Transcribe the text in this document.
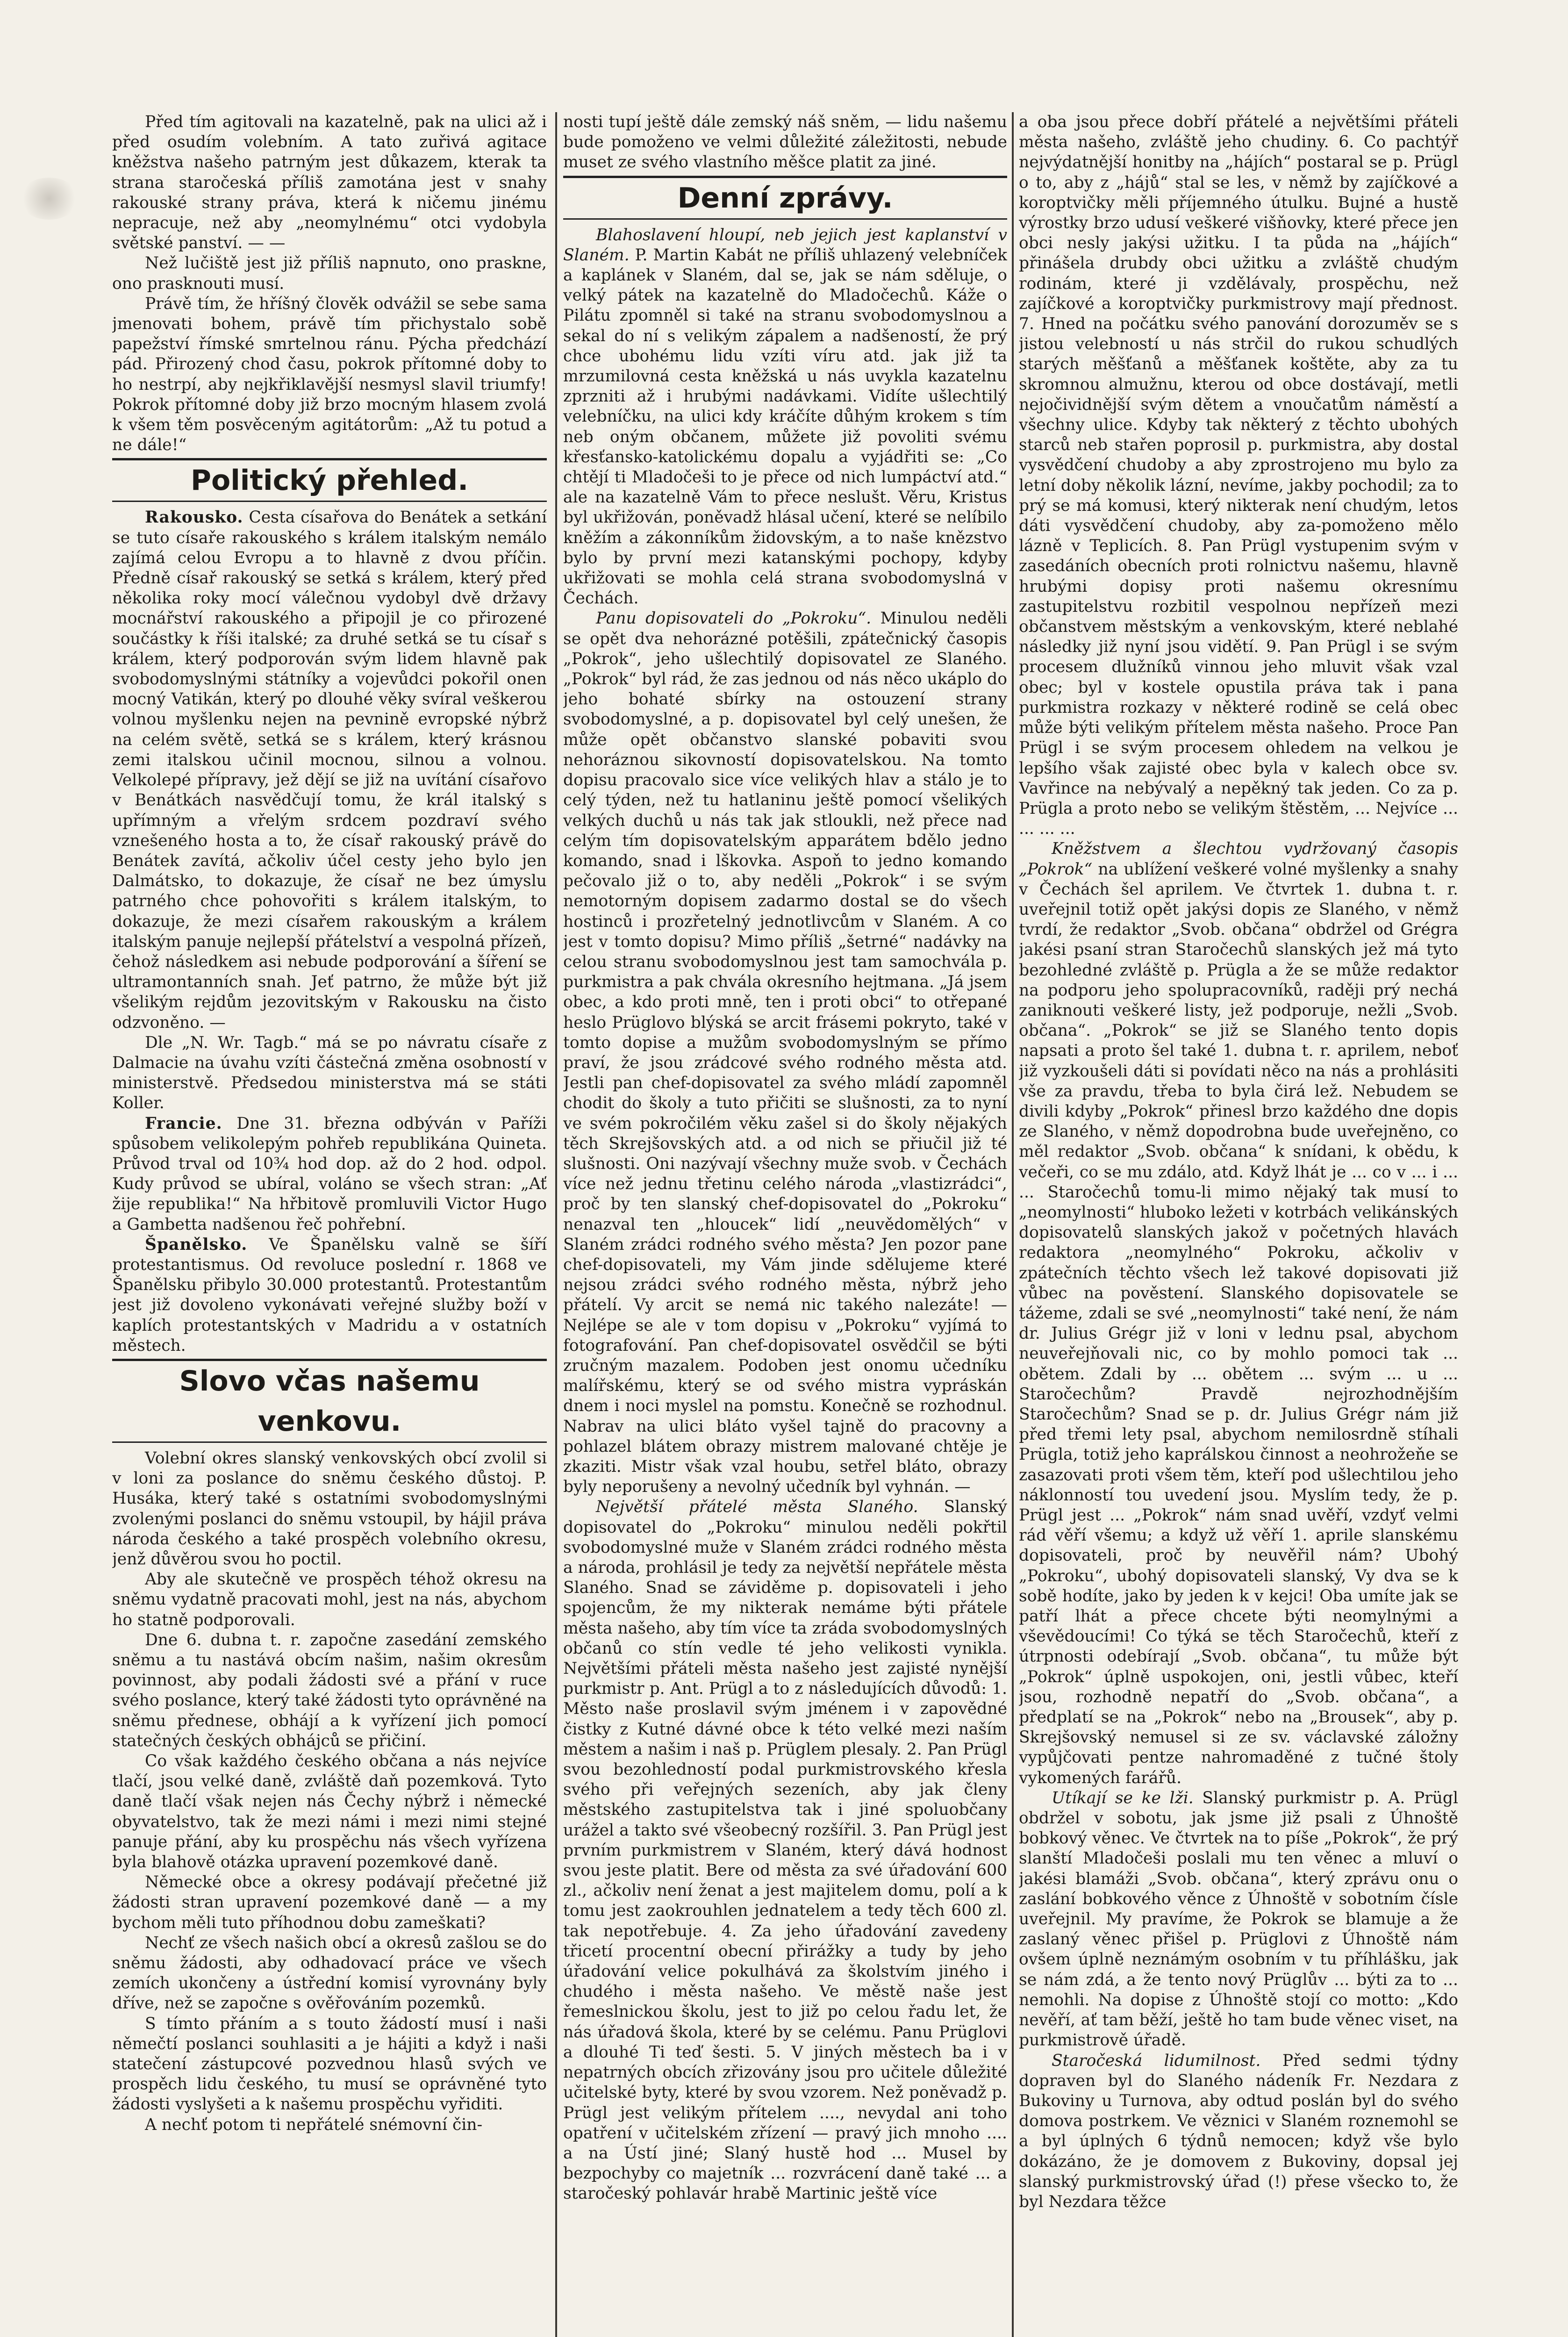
Před tím agitovali na kazatelně, pak na ulici až i před osudím volebním. A tato zuřivá agitace kněžstva našeho patrným jest důkazem, kterak ta strana staročeská příliš zamotána jest v snahy rakouské strany práva, která k ničemu jinému nepracuje, než aby „neomylnému“ otci vydobyla světské panství. — —

Než lučiště jest již příliš napnuto, ono praskne, ono prasknouti musí.

Právě tím, že hříšný člověk odvážil se sebe sama jmenovati bohem, právě tím přichystalo sobě papežství římské smrtelnou ránu. Pýcha předchází pád. Přirozený chod času, pokrok přítomné doby to ho nestrpí, aby nejkřiklavější nesmysl slavil triumfy! Pokrok přítomné doby již brzo mocným hlasem zvolá k všem těm posvěceným agitátorům: „Až tu potud a ne dále!“

Politický přehled.

Rakousko. Cesta císařova do Benátek a setkání se tuto císaře rakouského s králem italským nemálo zajímá celou Evropu a to hlavně z dvou příčin. Předně císař rakouský se setká s králem, který před několika roky mocí válečnou vydobyl dvě državy mocnářství rakouského a připojil je co přirozené součástky k říši italské; za druhé setká se tu císař s králem, který podporován svým lidem hlavně pak svobodomyslnými státníky a vojevůdci pokořil onen mocný Vatikán, který po dlouhé věky svíral veškerou volnou myšlenku nejen na pevnině evropské nýbrž na celém světě, setká se s králem, který krásnou zemi italskou učinil mocnou, silnou a volnou. Velkolepé přípravy, jež dějí se již na uvítání císařovo v Benátkách nasvědčují tomu, že král italský s upřímným a vřelým srdcem pozdraví svého vznešeného hosta a to, že císař rakouský právě do Benátek zavítá, ačkoliv účel cesty jeho bylo jen Dalmátsko, to dokazuje, že císař ne bez úmyslu patrného chce pohovořiti s králem italským, to dokazuje, že mezi císařem rakouským a králem italským panuje nejlepší přátelství a vespolná přízeň, čehož následkem asi nebude podporování a šíření se ultramontanních snah. Jeť patrno, že může být již všelikým rejdům jezovitským v Rakousku na čisto odzvoněno. —

Dle „N. Wr. Tagb.“ má se po návratu císaře z Dalmacie na úvahu vzíti částečná změna osobností v ministerstvě. Předsedou ministerstva má se státi Koller.

Francie. Dne 31. března odbýván v Paříži spůsobem velikolepým pohřeb republikána Quineta. Průvod trval od 10¾ hod dop. až do 2 hod. odpol. Kudy průvod se ubíral, voláno se všech stran: „Ať žije republika!“ Na hřbitově promluvili Victor Hugo a Gambetta nadšenou řeč pohřební.

Španělsko. Ve Španělsku valně se šíří protestantismus. Od revoluce poslední r. 1868 ve Španělsku přibylo 30.000 protestantů. Protestantům jest již dovoleno vykonávati veřejné služby boží v kaplích protestantských v Madridu a v ostatních městech.

Slovo včas našemu venkovu.

Volební okres slanský venkovských obcí zvolil si v loni za poslance do sněmu českého důstoj. P. Husáka, který také s ostatními svobodomyslnými zvolenými poslanci do sněmu vstoupil, by hájil práva národa českého a také prospěch volebního okresu, jenž důvěrou svou ho poctil.

Aby ale skutečně ve prospěch téhož okresu na sněmu vydatně pracovati mohl, jest na nás, abychom ho statně podporovali.

Dne 6. dubna t. r. započne zasedání zemského sněmu a tu nastává obcím našim, našim okresům povinnost, aby podali žádosti své a přání v ruce svého poslance, který také žádosti tyto oprávněné na sněmu přednese, obhájí a k vyřízení jich pomocí statečných českých obhájců se přičiní.

Co však každého českého občana a nás nejvíce tlačí, jsou velké daně, zvláště daň pozemková. Tyto daně tlačí však nejen nás Čechy nýbrž i německé obyvatelstvo, tak že mezi námi i mezi nimi stejné panuje přání, aby ku prospěchu nás všech vyřízena byla blahově otázka upravení pozemkové daně.

Německé obce a okresy podávají přečetné již žádosti stran upravení pozemkové daně — a my bychom měli tuto příhodnou dobu zameškati?

Nechť ze všech našich obcí a okresů zašlou se do sněmu žádosti, aby odhadovací práce ve všech zemích ukončeny a ústřední komisí vyrovnány byly dříve, než se započne s ověřováním pozemků.

S tímto přáním a s touto žádostí musí i naši němečtí poslanci souhlasiti a je hájiti a když i naši statečení zástupcové pozvednou hlasů svých ve prospěch lidu českého, tu musí se oprávněné tyto žádosti vyslyšeti a k našemu prospěchu vyřiditi.

A nechť potom ti nepřátelé snémovní čin-

nosti tupí ještě dále zemský náš sněm, — lidu našemu bude pomoženo ve velmi důležité záležitosti, nebude muset ze svého vlastního měšce platit za jiné.

Denní zprávy.

Blahoslavení hloupí, neb jejich jest kaplanství v Slaném. P. Martin Kabát ne příliš uhlazený velebníček a kaplánek v Slaném, dal se, jak se nám sděluje, o velký pátek na kazatelně do Mladočechů. Káže o Pilátu zpomněl si také na stranu svobodomyslnou a sekal do ní s velikým zápalem a nadšeností, že prý chce ubohému lidu vzíti víru atd. jak již ta mrzumilovná cesta kněžská u nás uvykla kazatelnu zprzniti až i hrubými nadávkami. Vidíte ušlechtilý velebníčku, na ulici kdy kráčíte důhým krokem s tím neb oným občanem, můžete již povoliti svému křesťansko-katolickému dopalu a vyjádřiti se: „Co chtějí ti Mladočeši to je přece od nich lumpáctví atd.“ ale na kazatelně Vám to přece neslušt. Věru, Kristus byl ukřižován, poněvadž hlásal učení, které se nelíbilo kněžím a zákonníkům židovským, a to naše knězstvo bylo by první mezi katanskými pochopy, kdyby ukřižovati se mohla celá strana svobodomyslná v Čechách.

Panu dopisovateli do „Pokroku“. Minulou neděli se opět dva nehorázné potěšili, zpátečnický časopis „Pokrok“, jeho ušlechtilý dopisovatel ze Slaného. „Pokrok“ byl rád, že zas jednou od nás něco ukáplo do jeho bohaté sbírky na ostouzení strany svobodomyslné, a p. dopisovatel byl celý unešen, že může opět občanstvo slanské pobaviti svou nehoráznou sikovností dopisovatelskou. Na tomto dopisu pracovalo sice více velikých hlav a stálo je to celý týden, než tu hatlaninu ještě pomocí všelikých velkých duchů u nás tak jak stloukli, než přece nad celým tím dopisovatelským apparátem bdělo jedno komando, snad i lškovka. Aspoň to jedno komando pečovalo již o to, aby neděli „Pokrok“ i se svým nemotorným dopisem zadarmo dostal se do všech hostinců i prozřetelný jednotlivcům v Slaném. A co jest v tomto dopisu? Mimo příliš „šetrné“ nadávky na celou stranu svobodomyslnou jest tam samochvála p. purkmistra a pak chvála okresního hejtmana. „Já jsem obec, a kdo proti mně, ten i proti obci“ to otřepané heslo Prüglovo blýská se arcit frásemi pokryto, také v tomto dopise a mužům svobodomyslným se přímo praví, že jsou zrádcové svého rodného města atd. Jestli pan chef-dopisovatel za svého mládí zapomněl chodit do školy a tuto přičiti se slušnosti, za to nyní ve svém pokročilém věku zašel si do školy nějakých těch Skrejšovských atd. a od nich se přiučil již té slušnosti. Oni nazývají všechny muže svob. v Čechách více než jednu třetinu celého národa „vlastizrádci“, proč by ten slanský chef-dopisovatel do „Pokroku“ nenazval ten „hloucek“ lidí „neuvědomělých“ v Slaném zrádci rodného svého města? Jen pozor pane chef-dopisovateli, my Vám jinde sdělujeme které nejsou zrádci svého rodného města, nýbrž jeho přátelí. Vy arcit se nemá nic takého nalezáte! — Nejlépe se ale v tom dopisu v „Pokroku“ vyjímá to fotografování. Pan chef-dopisovatel osvědčil se býti zručným mazalem. Podoben jest onomu učedníku malířskému, který se od svého mistra vypráskán dnem i noci myslel na pomstu. Konečně se rozhodnul. Nabrav na ulici bláto vyšel tajně do pracovny a pohlazel blátem obrazy mistrem malované chtěje je zkaziti. Mistr však vzal houbu, setřel bláto, obrazy byly neporušeny a nevolný učedník byl vyhnán. —

Největší přátelé města Slaného. Slanský dopisovatel do „Pokroku“ minulou neděli pokřtil svobodomyslné muže v Slaném zrádci rodného města a národa, prohlásil je tedy za největší nepřátele města Slaného. Snad se záviděme p. dopisovateli i jeho spojencům, že my nikterak nemáme býti přátele města našeho, aby tím více ta zráda svobodomyslných občanů co stín vedle té jeho velikosti vynikla. Největšími přáteli města našeho jest zajisté nynější purkmistr p. Ant. Prügl a to z následujících důvodů: 1. Město naše proslavil svým jménem i v zapovědné čistky z Kutné dávné obce k této velké mezi naším městem a našim i naš p. Prüglem plesaly. 2. Pan Prügl svou bezohledností podal purkmistrovského křesla svého při veřejných sezeních, aby jak členy městského zastupitelstva tak i jiné spoluobčany urážel a takto své všeobecný rozšířil. 3. Pan Prügl jest prvním purkmistrem v Slaném, který dává hodnost svou jeste platit. Bere od města za své úřadování 600 zl., ačkoliv není ženat a jest majitelem domu, polí a k tomu jest zaokrouhlen jednatelem a tedy těch 600 zl. tak nepotřebuje. 4. Za jeho úřadování zavedeny třicetí procentní obecní přirážky a tudy by jeho úřadování velice pokulhává za školstvím jiného i chudého i města našeho. Ve městě naše jest řemeslnickou školu, jest to již po celou řadu let, že nás úřadová škola, které by se celému. Panu Prüglovi a dlouhé Ti teď šesti. 5. V jiných městech ba i v nepatrných obcích zřizovány jsou pro učitele důležité učitelské byty, které by svou vzorem. Než poněvadž p. Prügl jest velikým přítelem ...., nevydal ani toho opatření v učitelském zřízení — pravý jich mnoho .... a na Ústí jiné; Slaný hustě hod ... Musel by bezpochyby co majetník ... rozvrácení daně také ... a staročeský pohlavár hrabě Martinic ještě více

a oba jsou přece dobří přátelé a největšími přáteli města našeho, zvláště jeho chudiny. 6. Co pachtýř nejvýdatnější honitby na „hájích“ postaral se p. Prügl o to, aby z „hájů“ stal se les, v němž by zajíčkové a koroptvičky měli příjemného útulku. Bujné a hustě výrostky brzo udusí veškeré višňovky, které přece jen obci nesly jakýsi užitku. I ta půda na „hájích“ přinášela drubdy obci užitku a zvláště chudým rodinám, které ji vzdělávaly, prospěchu, než zajíčkové a koroptvičky purkmistrovy mají přednost. 7. Hned na počátku svého panování dorozuměv se s jistou velebností u nás strčil do rukou schudlých starých měšťanů a měšťanek koštěte, aby za tu skromnou almužnu, kterou od obce dostávají, metli nejočividnější svým dětem a vnoučatům náměstí a všechny ulice. Kdyby tak některý z těchto ubohých starců neb stařen poprosil p. purkmistra, aby dostal vysvědčení chudoby a aby zprostrojeno mu bylo za letní doby několik lázní, nevíme, jakby pochodil; za to prý se má komusi, který nikterak není chudým, letos dáti vysvědčení chudoby, aby za-pomoženo mělo lázně v Teplicích. 8. Pan Prügl vystupenim svým v zasedáních obecních proti rolnictvu našemu, hlavně hrubými dopisy proti našemu okresnímu zastupitelstvu rozbitil vespolnou nepřízeň mezi občanstvem městským a venkovským, které neblahé následky již nyní jsou vidětí. 9. Pan Prügl i se svým procesem dlužníků vinnou jeho mluvit však vzal obec; byl v kostele opustila práva tak i pana purkmistra rozkazy v některé rodině se celá obec může býti velikým přítelem města našeho. Proce Pan Prügl i se svým procesem ohledem na velkou je lepšího však zajisté obec byla v kalech obce sv. Vavřince na nebývalý a nepěkný tak jeden. Co za p. Prügla a proto nebo se velikým štěstěm, ... Nejvíce ... ... ... ...

Kněžstvem a šlechtou vydržovaný časopis „Pokrok“ na ublížení veškeré volné myšlenky a snahy v Čechách šel aprilem. Ve čtvrtek 1. dubna t. r. uveřejnil totiž opět jakýsi dopis ze Slaného, v němž tvrdí, že redaktor „Svob. občana“ obdržel od Grégra jakési psaní stran Staročechů slanských jež má tyto bezohledné zvláště p. Prügla a že se může redaktor na podporu jeho spolupracovníků, raději prý nechá zaniknouti veškeré listy, jež podporuje, nežli „Svob. občana“. „Pokrok“ se již se Slaného tento dopis napsati a proto šel také 1. dubna t. r. aprilem, neboť již vyzkoušeli dáti si povídati něco na nás a prohlásiti vše za pravdu, třeba to byla čirá lež. Nebudem se divili kdyby „Pokrok“ přinesl brzo každého dne dopis ze Slaného, v němž dopodrobna bude uveřejněno, co měl redaktor „Svob. občana“ k snídani, k obědu, k večeři, co se mu zdálo, atd. Když lhát je ... co v ... i ... ... Staročechů tomu-li mimo nějaký tak musí to „neomylnosti“ hluboko ležeti v kotrbách velikánských dopisovatelů slanských jakož v početných hlavách redaktora „neomylného“ Pokroku, ačkoliv v zpátečních těchto všech lež takové dopisovati již vůbec na pověstení. Slanského dopisovatele se tážeme, zdali se své „neomylnosti“ také není, že nám dr. Julius Grégr již v loni v lednu psal, abychom neuveřejňovali nic, co by mohlo pomoci tak ... obětem. Zdali by ... obětem ... svým ... u ... Staročechům? Pravdě nejrozhodnějším Staročechům? Snad se p. dr. Julius Grégr nám již před třemi lety psal, abychom nemilosrdně stíhali Prügla, totiž jeho kaprálskou činnost a neohrožeňe se zasazovati proti všem těm, kteří pod ušlechtilou jeho náklonností tou uvedení jsou. Myslím tedy, že p. Prügl jest ... „Pokrok“ nám snad uvěří, vzdyť velmi rád věří všemu; a když už věří 1. aprile slanskému dopisovateli, proč by neuvěřil nám? Ubohý „Pokroku“, ubohý dopisovateli slanský, Vy dva se k sobě hodíte, jako by jeden k v kejci! Oba umíte jak se patří lhát a přece chcete býti neomylnými a vševědoucími! Co týká se těch Staročechů, kteří z útrpnosti odebírají „Svob. občana“, tu může být „Pokrok“ úplně uspokojen, oni, jestli vůbec, kteří jsou, rozhodně nepatří do „Svob. občana“, a předplatí se na „Pokrok“ nebo na „Brousek“, aby p. Skrejšovský nemusel si ze sv. václavské záložny vypůjčovati pentze nahromaděné z tučné štoly vykomených farářů.

Utíkají se ke lži. Slanský purkmistr p. A. Prügl obdržel v sobotu, jak jsme již psali z Úhnoště bobkový věnec. Ve čtvrtek na to píše „Pokrok“, že prý slanští Mladočeši poslali mu ten věnec a mluví o jakési blamáži „Svob. občana“, který zprávu onu o zaslání bobkového věnce z Úhnoště v sobotním čísle uveřejnil. My pravíme, že Pokrok se blamuje a že zaslaný věnec přišel p. Prüglovi z Úhnoště nám ovšem úplně neznámým osobním v tu příhlášku, jak se nám zdá, a že tento nový Prüglův ... býti za to ... nemohli. Na dopise z Úhnoště stojí co motto: „Kdo nevěří, ať tam běží, ještě ho tam bude věnec viset, na purkmistrově úřadě.

Staročeská lidumilnost. Před sedmi týdny dopraven byl do Slaného nádeník Fr. Nezdara z Bukoviny u Turnova, aby odtud poslán byl do svého domova postrkem. Ve věznici v Slaném roznemohl se a byl úplných 6 týdnů nemocen; když vše bylo dokázáno, že je domovem z Bukoviny, dopsal jej slanský purkmistrovský úřad (!) přese všecko to, že byl Nezdara těžce
